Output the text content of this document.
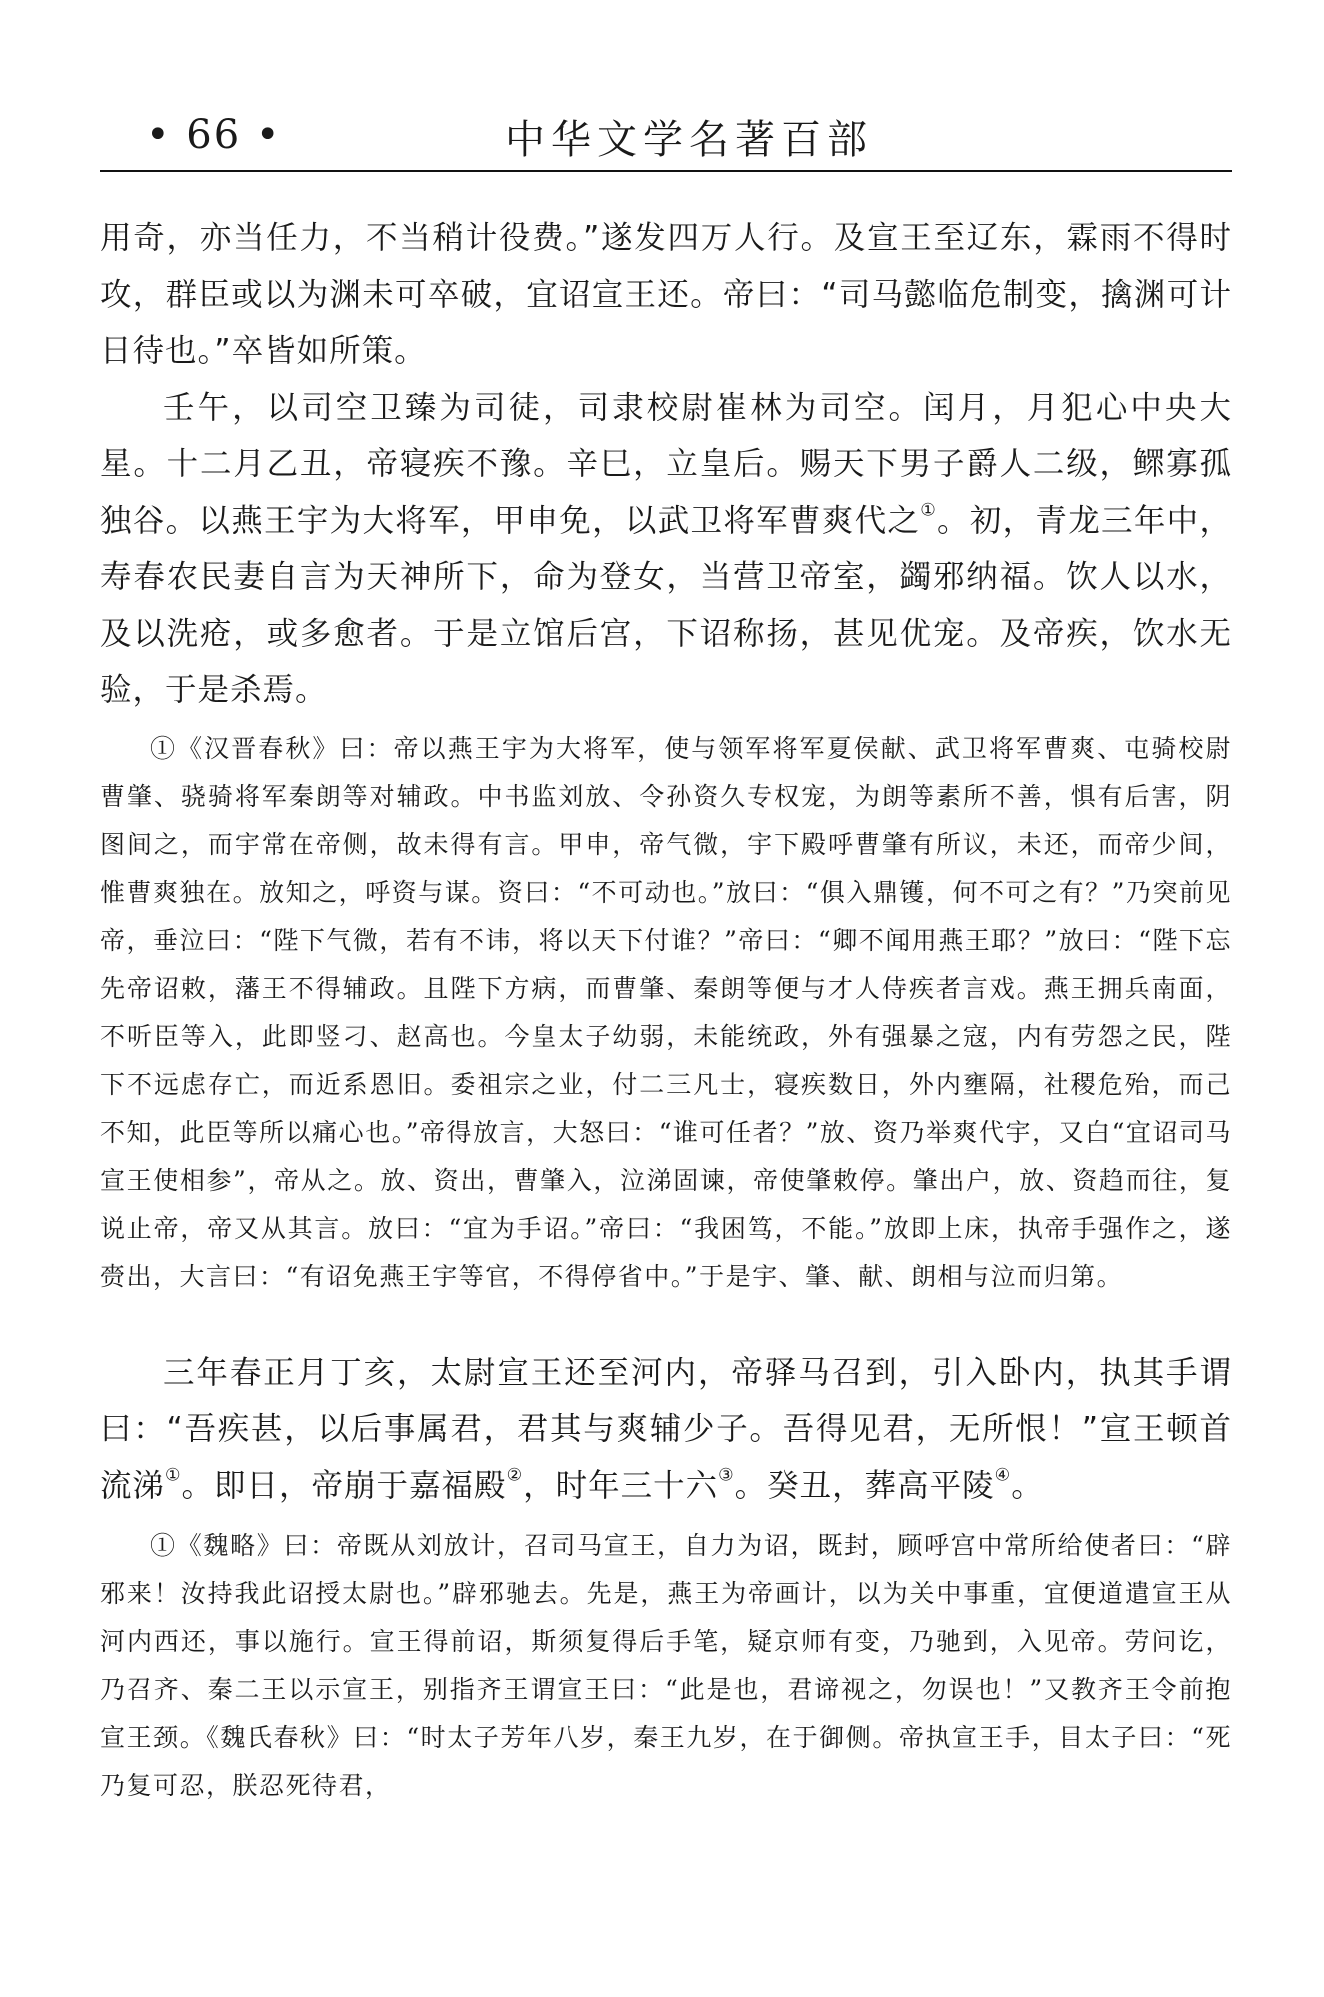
• 66 •	中华文学名著百部

用奇，亦当任力，不当稍计役费。”遂发四万人行。及宣王至辽东，霖雨不得时攻，群臣或以为渊未可卒破，宜诏宣王还。帝曰：“司马懿临危制变，擒渊可计日待也。”卒皆如所策。

壬午，以司空卫臻为司徒，司隶校尉崔林为司空。闰月，月犯心中央大星。十二月乙丑，帝寝疾不豫。辛巳，立皇后。赐天下男子爵人二级，鳏寡孤独谷。以燕王宇为大将军，甲申免，以武卫将军曹爽代之①。初，青龙三年中，寿春农民妻自言为天神所下，命为登女，当营卫帝室，蠲邪纳福。饮人以水，及以洗疮，或多愈者。于是立馆后宫，下诏称扬，甚见优宠。及帝疾，饮水无验，于是杀焉。

①《汉晋春秋》曰：帝以燕王宇为大将军，使与领军将军夏侯献、武卫将军曹爽、屯骑校尉曹肇、骁骑将军秦朗等对辅政。中书监刘放、令孙资久专权宠，为朗等素所不善，惧有后害，阴图间之，而宇常在帝侧，故未得有言。甲申，帝气微，宇下殿呼曹肇有所议，未还，而帝少间，惟曹爽独在。放知之，呼资与谋。资曰：“不可动也。”放曰：“俱入鼎镬，何不可之有？”乃突前见帝，垂泣曰：“陛下气微，若有不讳，将以天下付谁？”帝曰：“卿不闻用燕王耶？”放曰：“陛下忘先帝诏敕，藩王不得辅政。且陛下方病，而曹肇、秦朗等便与才人侍疾者言戏。燕王拥兵南面，不听臣等入，此即竖刁、赵高也。今皇太子幼弱，未能统政，外有强暴之寇，内有劳怨之民，陛下不远虑存亡，而近系恩旧。委祖宗之业，付二三凡士，寝疾数日，外内壅隔，社稷危殆，而己不知，此臣等所以痛心也。”帝得放言，大怒曰：“谁可任者？”放、资乃举爽代宇，又白“宜诏司马宣王使相参”，帝从之。放、资出，曹肇入，泣涕固谏，帝使肇敕停。肇出户，放、资趋而往，复说止帝，帝又从其言。放曰：“宜为手诏。”帝曰：“我困笃，不能。”放即上床，执帝手强作之，遂赍出，大言曰：“有诏免燕王宇等官，不得停省中。”于是宇、肇、献、朗相与泣而归第。

三年春正月丁亥，太尉宣王还至河内，帝驿马召到，引入卧内，执其手谓曰：“吾疾甚，以后事属君，君其与爽辅少子。吾得见君，无所恨！”宣王顿首流涕①。即日，帝崩于嘉福殿②，时年三十六③。癸丑，葬高平陵④。

①《魏略》曰：帝既从刘放计，召司马宣王，自力为诏，既封，顾呼宫中常所给使者曰：“辟邪来！汝持我此诏授太尉也。”辟邪驰去。先是，燕王为帝画计，以为关中事重，宜便道遣宣王从河内西还，事以施行。宣王得前诏，斯须复得后手笔，疑京师有变，乃驰到，入见帝。劳问讫，乃召齐、秦二王以示宣王，别指齐王谓宣王曰：“此是也，君谛视之，勿误也！”又教齐王令前抱宣王颈。《魏氏春秋》曰：“时太子芳年八岁，秦王九岁，在于御侧。帝执宣王手，目太子曰：“死乃复可忍，朕忍死待君，
